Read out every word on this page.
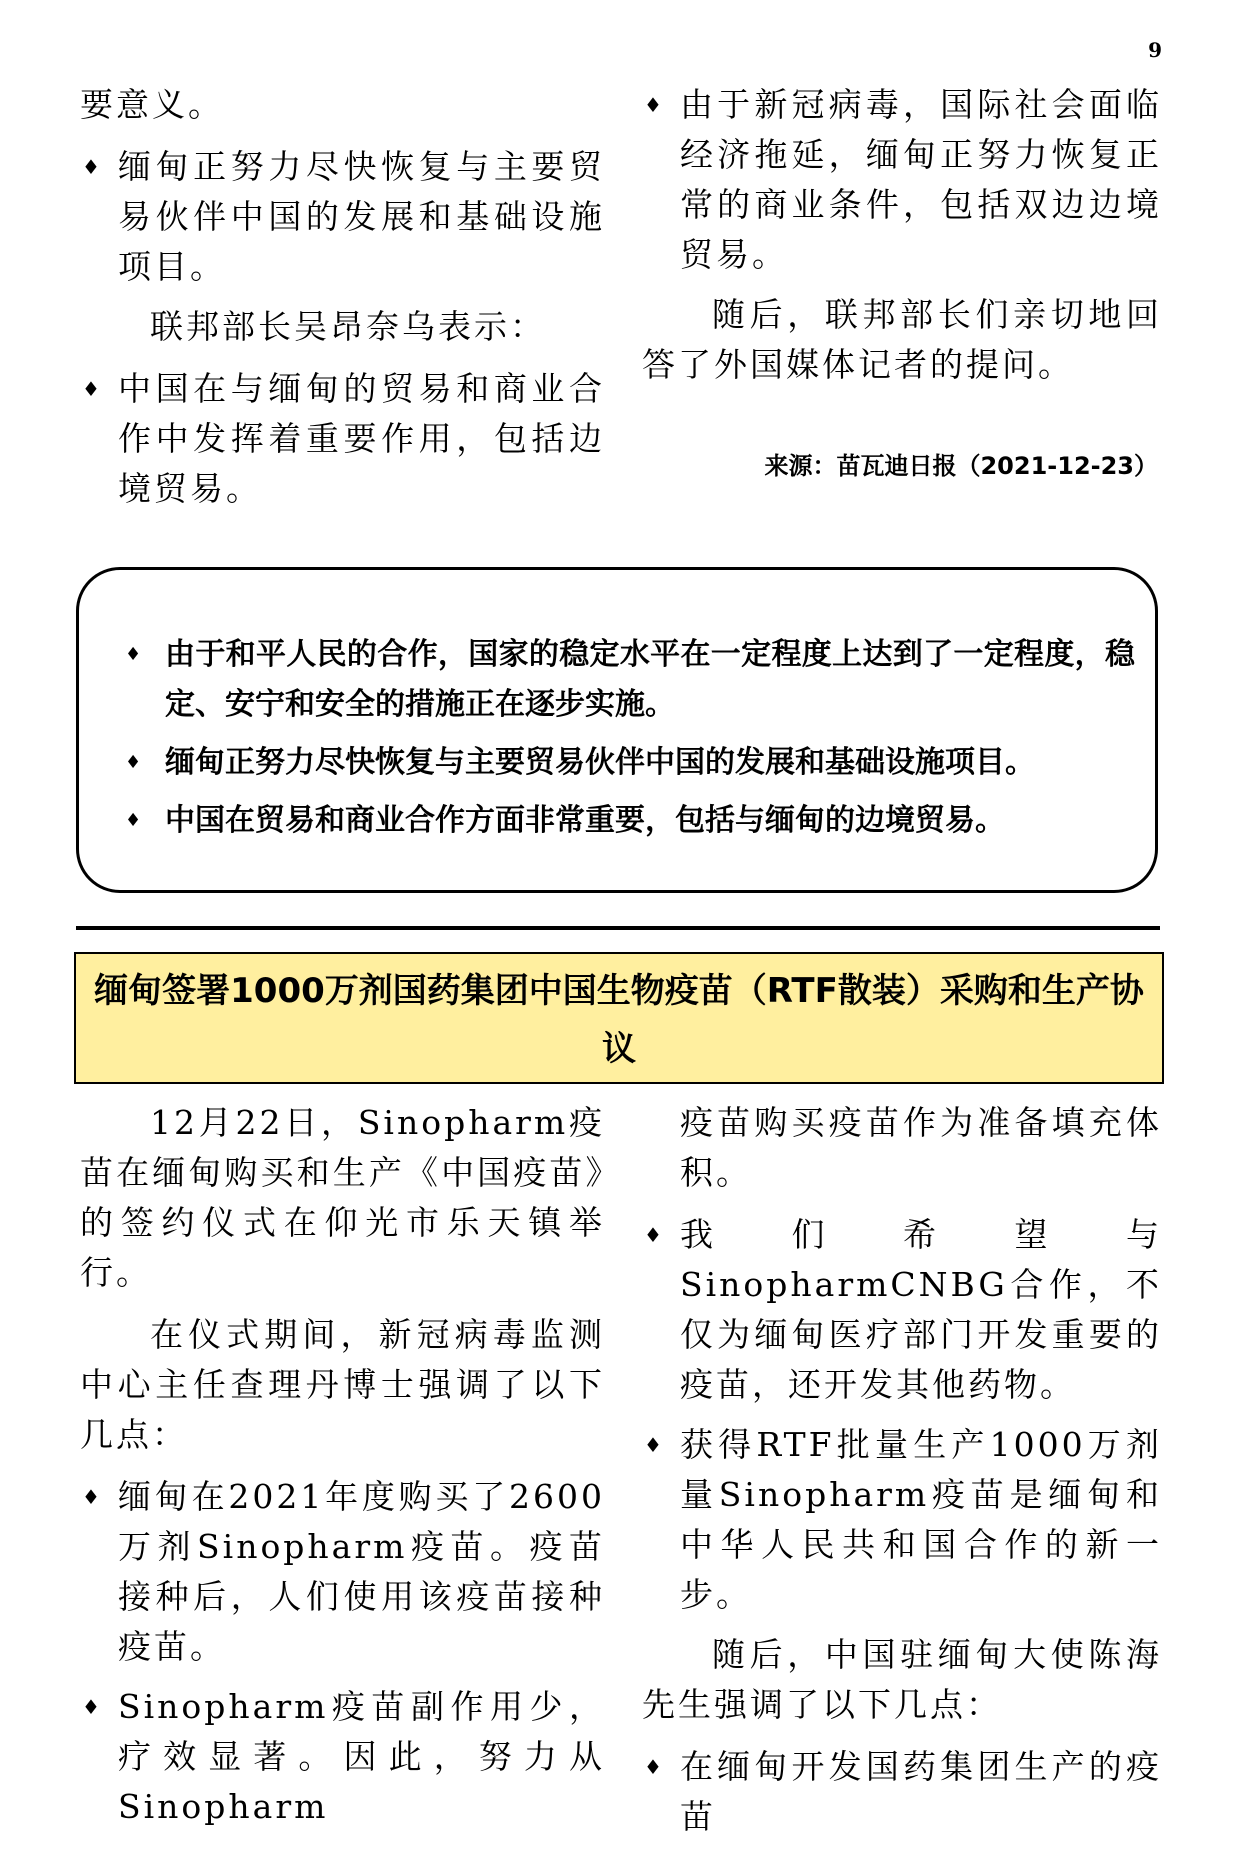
9

要意义。

♦ 缅甸正努力尽快恢复与主要贸易伙伴中国的发展和基础设施项目。

联邦部长吴昂奈乌表示：

♦ 中国在与缅甸的贸易和商业合作中发挥着重要作用，包括边境贸易。
♦ 由于新冠病毒，国际社会面临经济拖延，缅甸正努力恢复正常的商业条件，包括双边边境贸易。

随后，联邦部长们亲切地回答了外国媒体记者的提问。

来源：苗瓦迪日报（2021-12-23）
♦ 由于和平人民的合作，国家的稳定水平在一定程度上达到了一定程度，稳定、安宁和安全的措施正在逐步实施。
♦ 缅甸正努力尽快恢复与主要贸易伙伴中国的发展和基础设施项目。
♦ 中国在贸易和商业合作方面非常重要，包括与缅甸的边境贸易。
缅甸签署1000万剂国药集团中国生物疫苗（RTF散装）采购和生产协议

12月22日，Sinopharm疫苗在缅甸购买和生产《中国疫苗》的签约仪式在仰光市乐天镇举行。

在仪式期间，新冠病毒监测中心主任查理丹博士强调了以下几点：

♦ 缅甸在2021年度购买了2600万剂Sinopharm疫苗。疫苗接种后，人们使用该疫苗接种疫苗。
♦ Sinopharm疫苗副作用少，疗效显著。因此，努力从Sinopharm

疫苗购买疫苗作为准备填充体积。

♦ 我们希望与SinopharmCNBG合作，不仅为缅甸医疗部门开发重要的疫苗，还开发其他药物。
♦ 获得RTF批量生产1000万剂量Sinopharm疫苗是缅甸和中华人民共和国合作的新一步。

随后，中国驻缅甸大使陈海先生强调了以下几点：

♦ 在缅甸开发国药集团生产的疫苗
